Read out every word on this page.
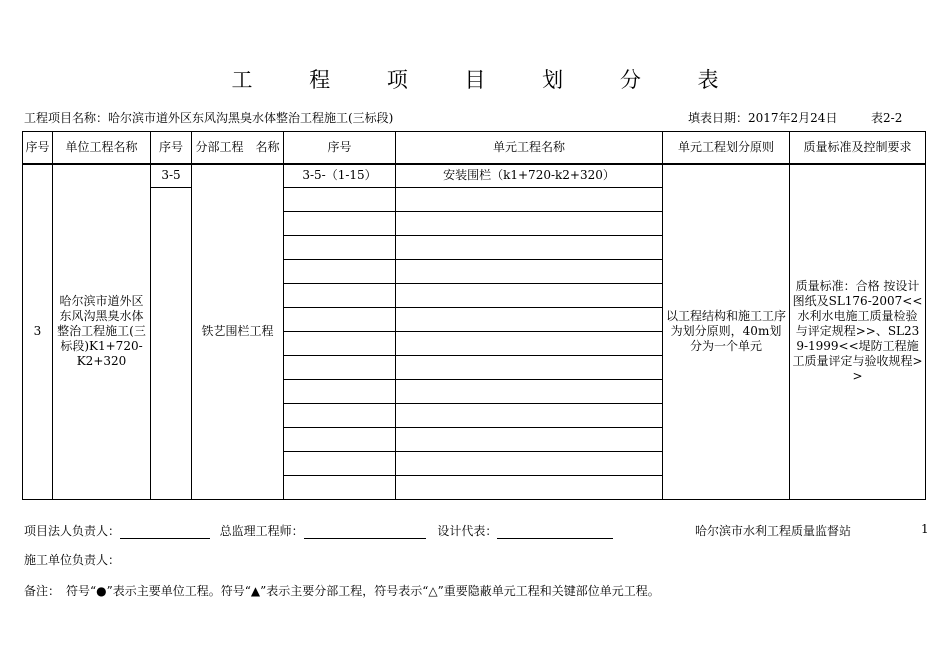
工 程 项 目 划 分 表
工程项目名称：哈尔滨市道外区东风沟黑臭水体整治工程施工(三标段)	填表日期：2017年2月24日	表2-2
序号	单位工程名称	序号	分部工程　名称	序号	单元工程名称	单元工程划分原则	质量标准及控制要求
3	哈尔滨市道外区东风沟黑臭水体整治工程施工(三标段)K1+720-K2+320	3-5	铁艺围栏工程	3-5-（1-15）	安装围栏（k1+720-k2+320）	以工程结构和施工工序为划分原则，40m划分为一个单元	质量标准：合格 按设计图纸及SL176-2007<<水利水电施工质量检验与评定规程>>、SL239-1999<<堤防工程施工质量评定与验收规程>>

项目法人负责人：	总监理工程师：	设计代表：	哈尔滨市水利工程质量监督站	1
施工单位负责人：
备注：　符号“●”表示主要单位工程。符号“▲”表示主要分部工程，符号表示“△”重要隐蔽单元工程和关键部位单元工程。
